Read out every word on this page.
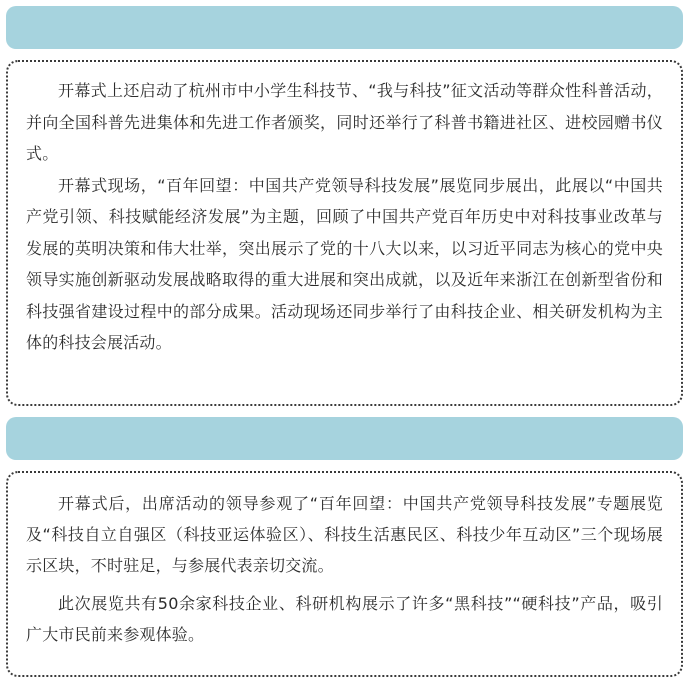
开幕式上还启动了杭州市中小学生科技节、“我与科技”征文活动等群众性科普活动，并向全国科普先进集体和先进工作者颁奖，同时还举行了科普书籍进社区、进校园赠书仪式。

开幕式现场，“百年回望：中国共产党领导科技发展”展览同步展出，此展以“中国共产党引领、科技赋能经济发展”为主题，回顾了中国共产党百年历史中对科技事业改革与发展的英明决策和伟大壮举，突出展示了党的十八大以来，以习近平同志为核心的党中央领导实施创新驱动发展战略取得的重大进展和突出成就，以及近年来浙江在创新型省份和科技强省建设过程中的部分成果。活动现场还同步举行了由科技企业、相关研发机构为主体的科技会展活动。

开幕式后，出席活动的领导参观了“百年回望：中国共产党领导科技发展”专题展览及“科技自立自强区（科技亚运体验区）、科技生活惠民区、科技少年互动区”三个现场展示区块，不时驻足，与参展代表亲切交流。

此次展览共有50余家科技企业、科研机构展示了许多“黑科技”“硬科技”产品，吸引广大市民前来参观体验。
